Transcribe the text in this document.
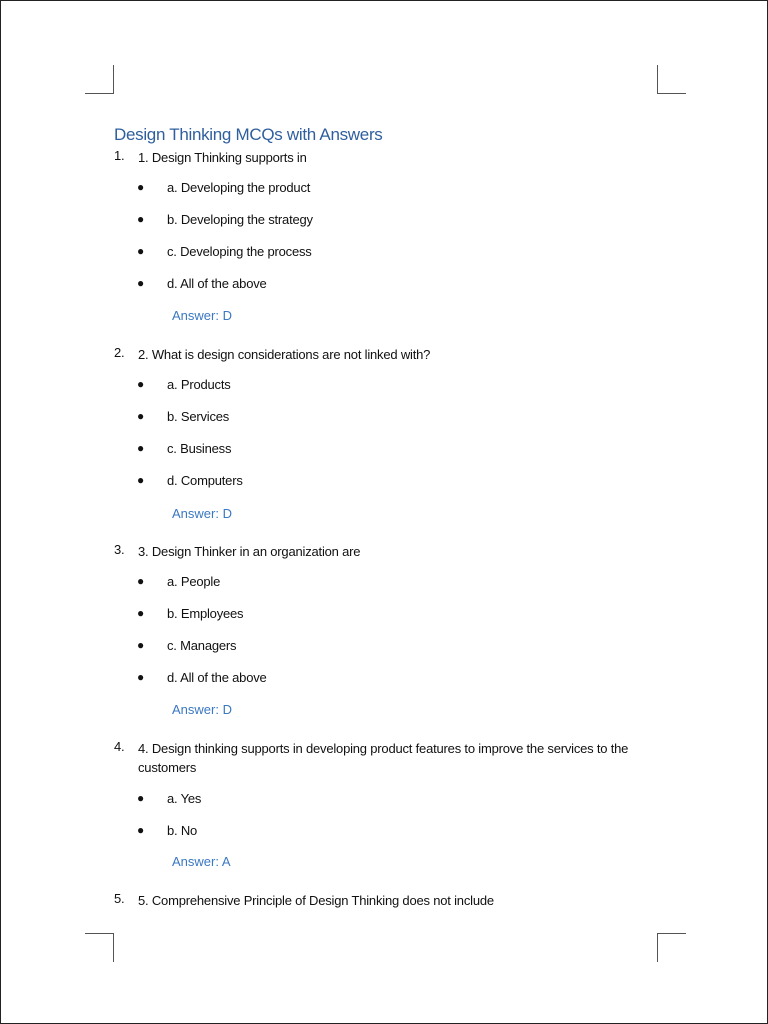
Design Thinking MCQs with Answers
1. 1. Design Thinking supports in
● a. Developing the product
● b. Developing the strategy
● c. Developing the process
● d. All of the above
Answer: D
2. 2. What is design considerations are not linked with?
● a. Products
● b. Services
● c. Business
● d. Computers
Answer: D
3. 3. Design Thinker in an organization are
● a. People
● b. Employees
● c. Managers
● d. All of the above
Answer: D
4. 4. Design thinking supports in developing product features to improve the services to the customers
● a. Yes
● b. No
Answer: A
5. 5. Comprehensive Principle of Design Thinking does not include
